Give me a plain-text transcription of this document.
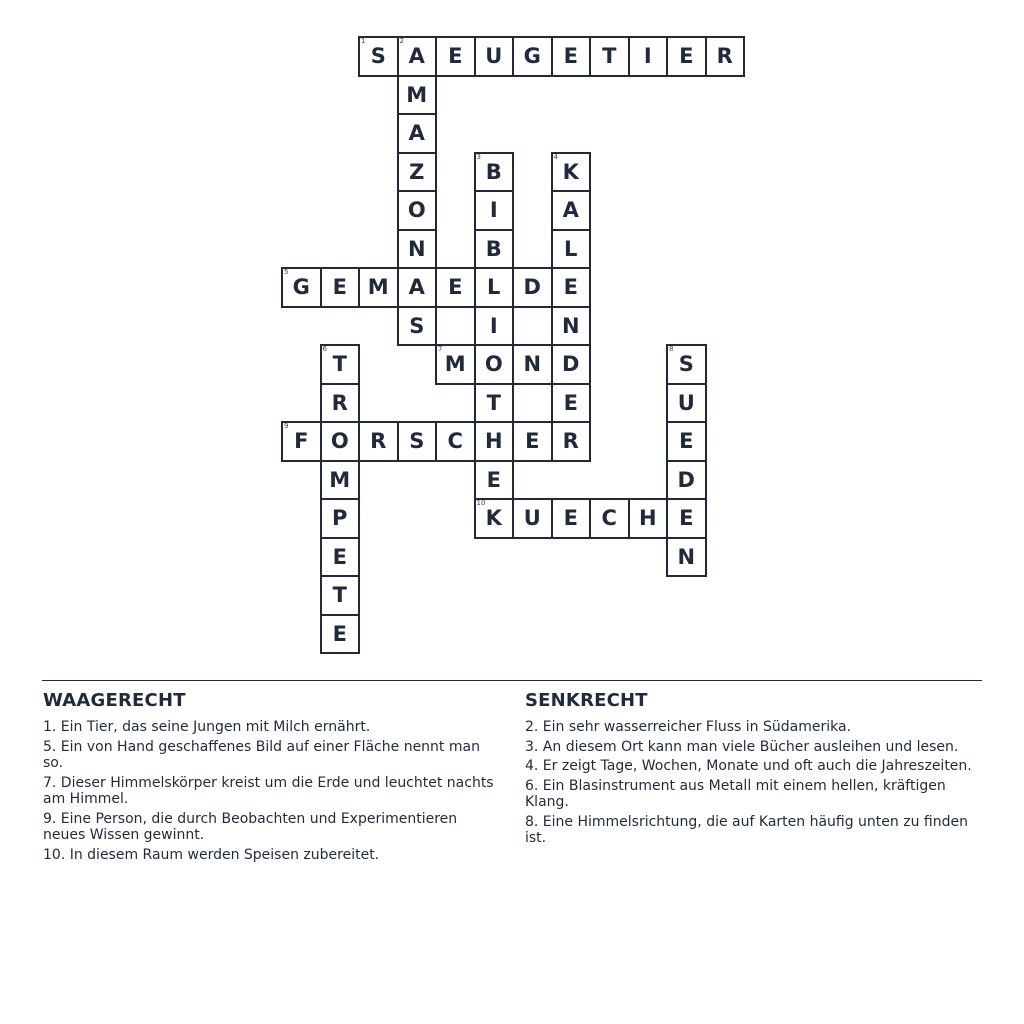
1
S
2
A	E	U	G	E	T	I	E	R
M
A
Z
O
N
A
S
3
B
I
B
L
I
O
T
H
E
10
K
4
K
A
L
E
N
D
E
R
5
G	E M	E	D
6
T
R
O
M
P
E
T
E
7
M	N
8
S
U
E
D
E
N
9
F	R	S	C	E
U	E	C	H
WAAGERECHT

1. Ein Tier, das seine Jungen mit Milch ernährt.

5. Ein von Hand geschaffenes Bild auf einer Fläche nennt man so.

7. Dieser Himmelskörper kreist um die Erde und leuchtet nachts am Himmel.

9. Eine Person, die durch Beobachten und Experimentieren neues Wissen gewinnt.

10. In diesem Raum werden Speisen zubereitet.

SENKRECHT

2. Ein sehr wasserreicher Fluss in Südamerika.

3. An diesem Ort kann man viele Bücher ausleihen und lesen.

4. Er zeigt Tage, Wochen, Monate und oft auch die Jahreszeiten.

6. Ein Blasinstrument aus Metall mit einem hellen, kräftigen Klang.

8. Eine Himmelsrichtung, die auf Karten häufig unten zu finden ist.
